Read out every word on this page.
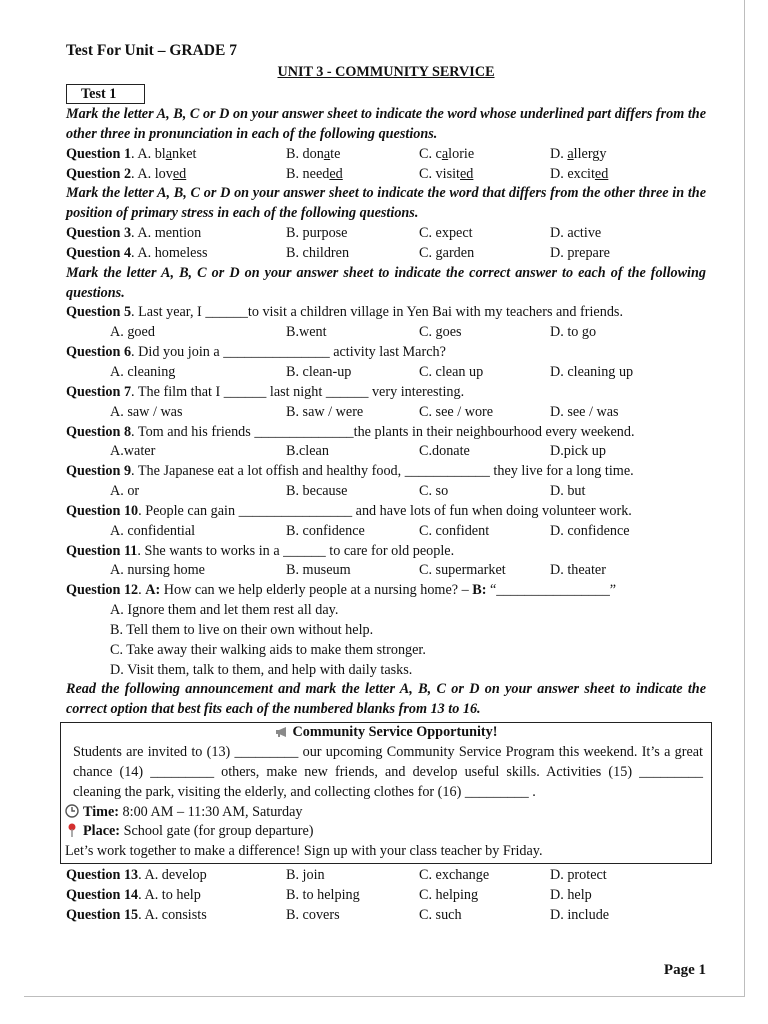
Test For Unit – GRADE 7
UNIT 3 - COMMUNITY SERVICE
Test 1
Mark the letter A, B, C or D on your answer sheet to indicate the word whose underlined part differs from the other three in pronunciation in each of the following questions.
Question 1. A. blanket	B. donate	C. calorie	D. allergy
Question 2. A. loved	B. needed	C. visited	D. excited
Mark the letter A, B, C or D on your answer sheet to indicate the word that differs from the other three in the position of primary stress in each of the following questions.
Question 3. A. mention	B. purpose	C. expect	D. active
Question 4. A. homeless	B. children	C. garden	D. prepare
Mark the letter A, B, C or D on your answer sheet to indicate the correct answer to each of the following questions.
Question 5. Last year, I ______to visit a children village in Yen Bai with my teachers and friends.
A. goed	B.went	C. goes	D. to go
Question 6. Did you join a _______________ activity last March?
A. cleaning	B. clean-up	C. clean up	D. cleaning up
Question 7. The film that I ______ last night ______ very interesting.
A. saw / was	B. saw / were	C. see / wore	D. see / was
Question 8. Tom and his friends ______________the plants in their neighbourhood every weekend.
A.water	B.clean	C.donate	D.pick up
Question 9. The Japanese eat a lot offish and healthy food, ____________ they live for a long time.
A. or	B. because	C. so	D. but
Question 10. People can gain ________________ and have lots of fun when doing volunteer work.
A. confidential	B. confidence	C. confident	D. confidence
Question 11. She wants to works in a ______ to care for old people.
A. nursing home	B. museum	C. supermarket	D. theater
Question 12. A: How can we help elderly people at a nursing home? – B: “________________”
A. Ignore them and let them rest all day.
B. Tell them to live on their own without help.
C. Take away their walking aids to make them stronger.
D. Visit them, talk to them, and help with daily tasks.
Read the following announcement and mark the letter A, B, C or D on your answer sheet to indicate the correct option that best fits each of the numbered blanks from 13 to 16.
Community Service Opportunity!
Students are invited to (13) _________ our upcoming Community Service Program this weekend. It’s a great chance (14) _________ others, make new friends, and develop useful skills. Activities (15) _________ cleaning the park, visiting the elderly, and collecting clothes for (16) _________ .
Time: 8:00 AM – 11:30 AM, Saturday
Place: School gate (for group departure)
Let’s work together to make a difference! Sign up with your class teacher by Friday.
Question 13. A. develop	B. join	C. exchange	D. protect
Question 14. A. to help	B. to helping	C. helping	D. help
Question 15. A. consists	B. covers	C. such	D. include
Page 1
